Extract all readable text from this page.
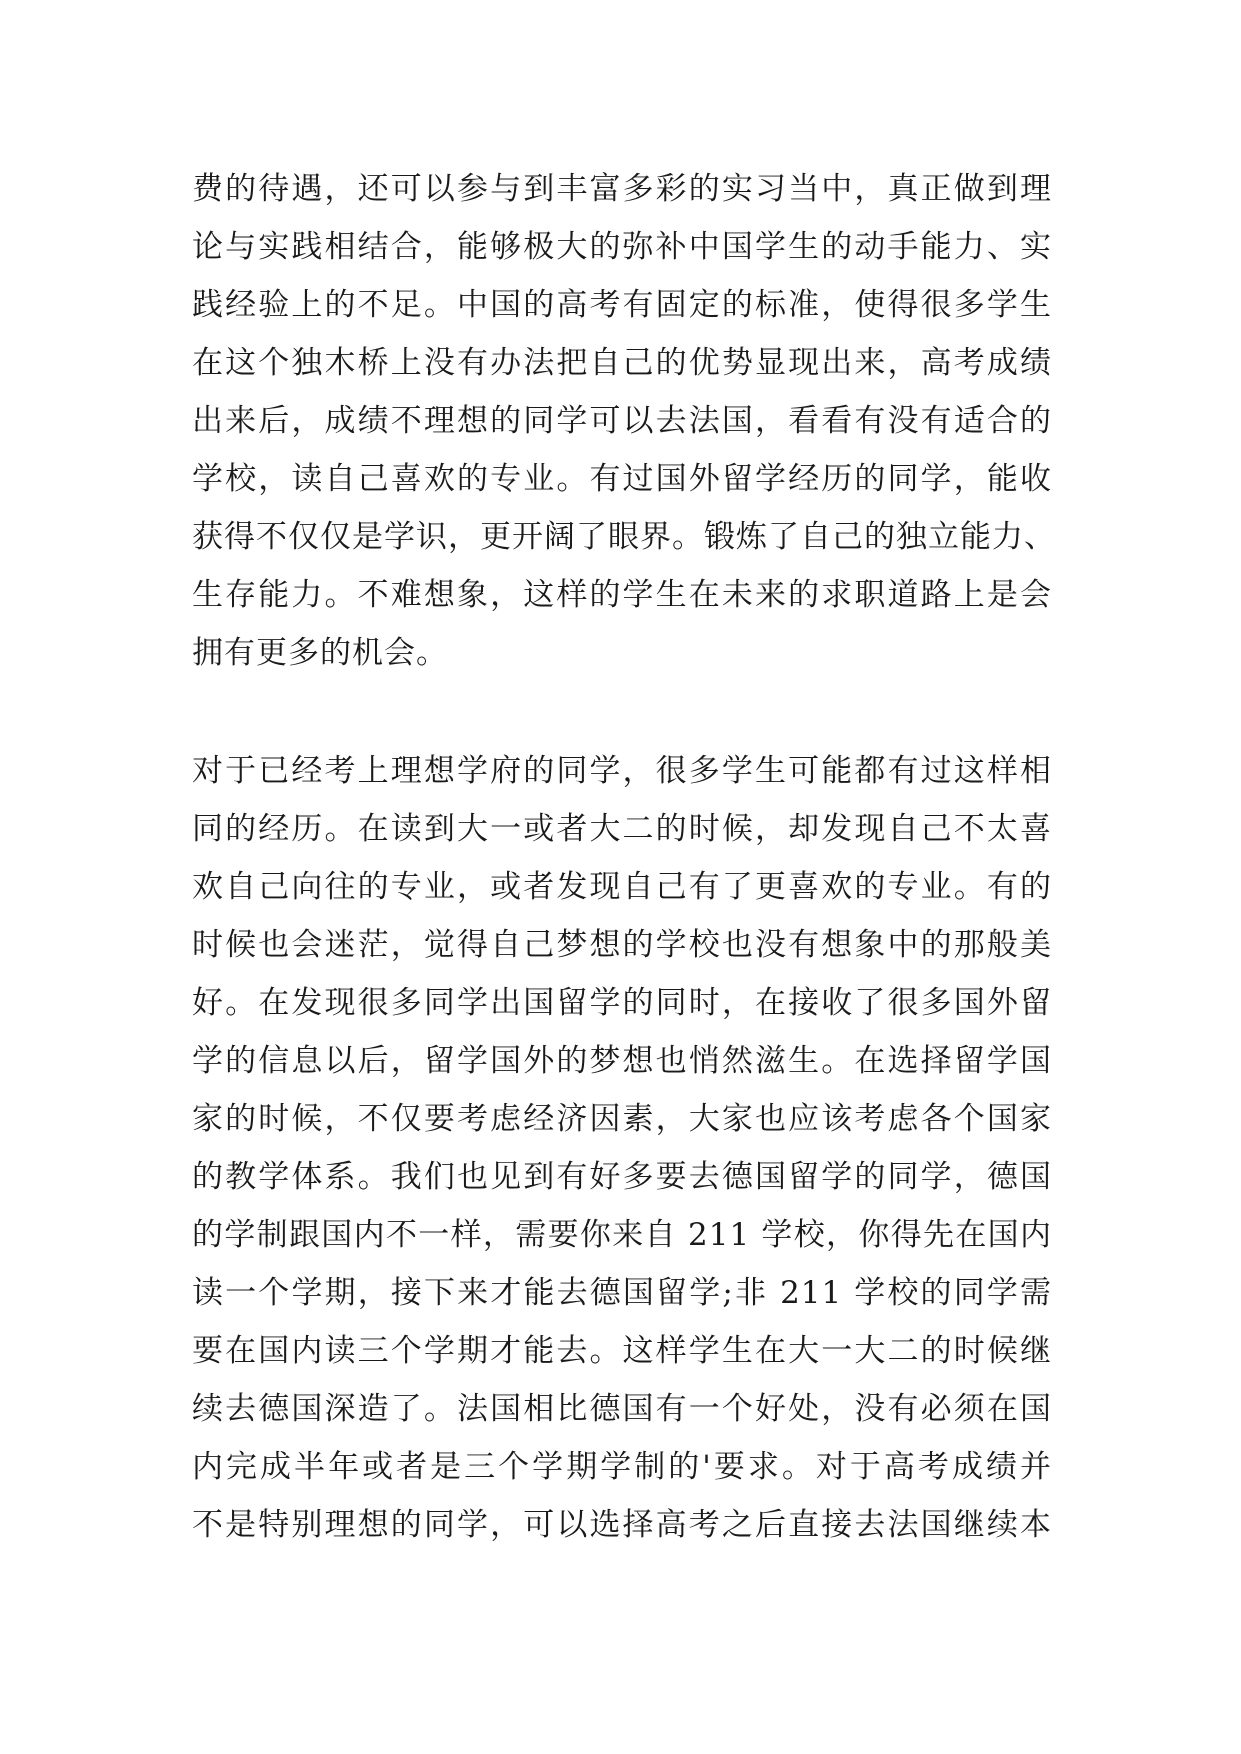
费的待遇，还可以参与到丰富多彩的实习当中，真正做到理
论与实践相结合，能够极大的弥补中国学生的动手能力、实
践经验上的不足。中国的高考有固定的标准，使得很多学生
在这个独木桥上没有办法把自己的优势显现出来，高考成绩
出来后，成绩不理想的同学可以去法国，看看有没有适合的
学校，读自己喜欢的专业。有过国外留学经历的同学，能收
获得不仅仅是学识，更开阔了眼界。锻炼了自己的独立能力、
生存能力。不难想象，这样的学生在未来的求职道路上是会
拥有更多的机会。
对于已经考上理想学府的同学，很多学生可能都有过这样相
同的经历。在读到大一或者大二的时候，却发现自己不太喜
欢自己向往的专业，或者发现自己有了更喜欢的专业。有的
时候也会迷茫，觉得自己梦想的学校也没有想象中的那般美
好。在发现很多同学出国留学的同时，在接收了很多国外留
学的信息以后，留学国外的梦想也悄然滋生。在选择留学国
家的时候，不仅要考虑经济因素，大家也应该考虑各个国家
的教学体系。我们也见到有好多要去德国留学的同学，德国
的学制跟国内不一样，需要你来自 211 学校，你得先在国内
读一个学期，接下来才能去德国留学;非 211 学校的同学需
要在国内读三个学期才能去。这样学生在大一大二的时候继
续去德国深造了。法国相比德国有一个好处，没有必须在国
内完成半年或者是三个学期学制的'要求。对于高考成绩并
不是特别理想的同学，可以选择高考之后直接去法国继续本
